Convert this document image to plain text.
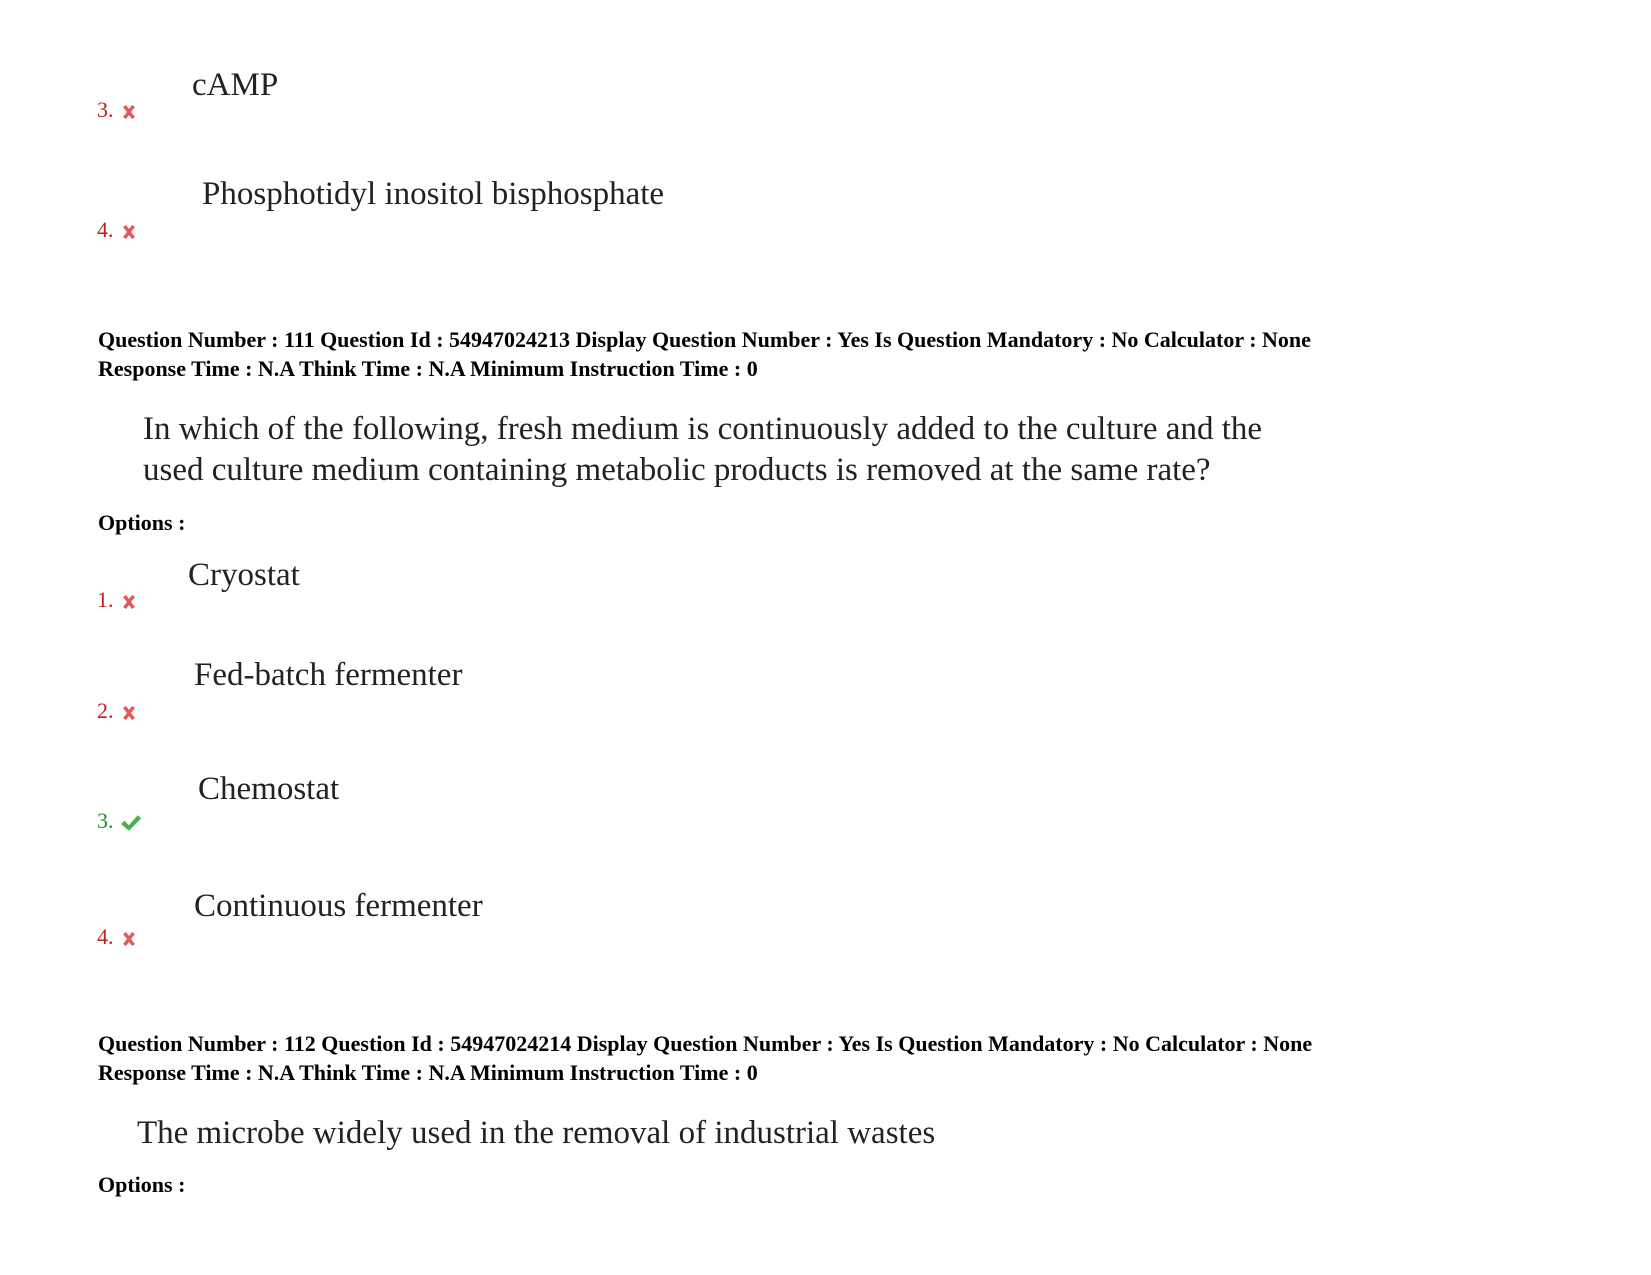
3.
cAMP
4.
Phosphotidyl inositol bisphosphate
Question Number : 111 Question Id : 54947024213 Display Question Number : Yes Is Question Mandatory : No Calculator : None
Response Time : N.A Think Time : N.A Minimum Instruction Time : 0
In which of the following, fresh medium is continuously added to the culture and the
used culture medium containing metabolic products is removed at the same rate?
Options :
1.
Cryostat
2.
Fed-batch fermenter
3.
Chemostat
4.
Continuous fermenter
Question Number : 112 Question Id : 54947024214 Display Question Number : Yes Is Question Mandatory : No Calculator : None
Response Time : N.A Think Time : N.A Minimum Instruction Time : 0
The microbe widely used in the removal of industrial wastes
Options :
